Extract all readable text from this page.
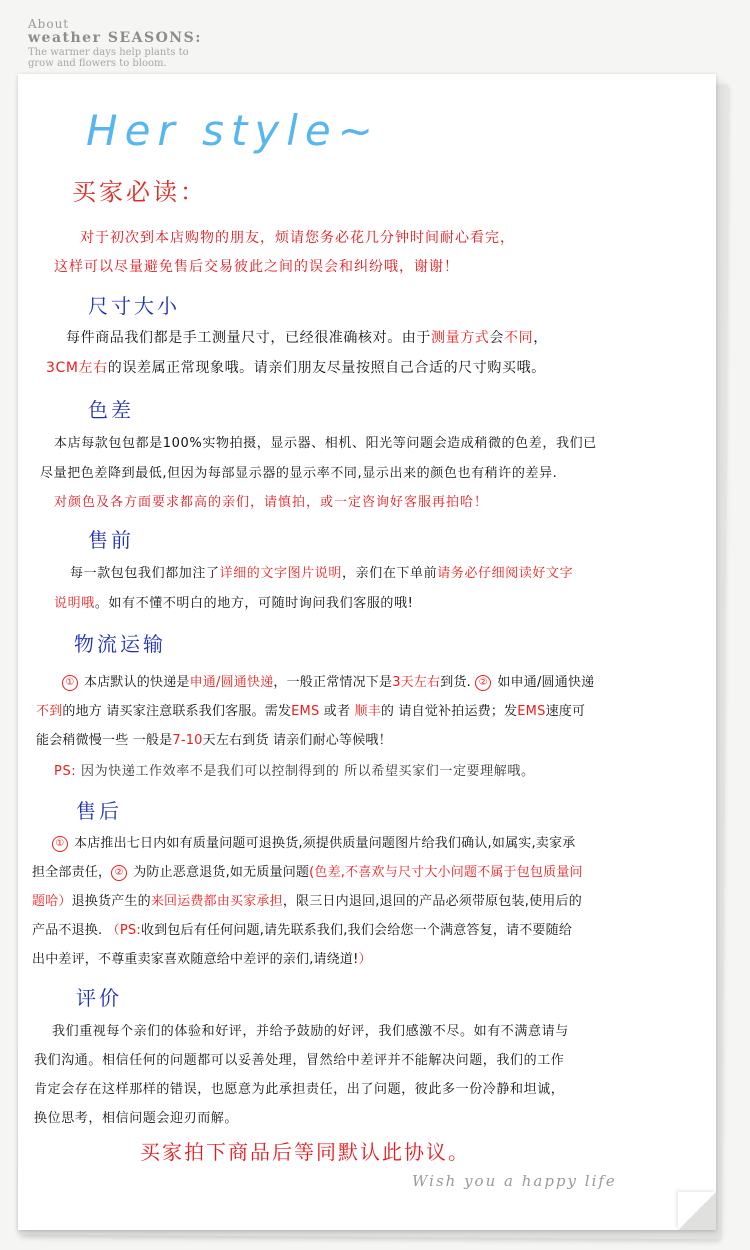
About
weather SEASONS:
The warmer days help plants to
grow and flowers to bloom.
Her style~
买家必读：
对于初次到本店购物的朋友，烦请您务必花几分钟时间耐心看完，
这样可以尽量避免售后交易彼此之间的误会和纠纷哦，谢谢！
尺寸大小
每件商品我们都是手工测量尺寸，已经很准确核对。由于测量方式会不同，
3CM左右的误差属正常现象哦。请亲们朋友尽量按照自己合适的尺寸购买哦。
色差
本店每款包包都是100%实物拍摄，显示器、相机、阳光等问题会造成稍微的色差，我们已
尽量把色差降到最低,但因为每部显示器的显示率不同,显示出来的颜色也有稍许的差异.
对颜色及各方面要求都高的亲们，请慎拍，或一定咨询好客服再拍哈！
售前
每一款包包我们都加注了详细的文字图片说明，亲们在下单前请务必仔细阅读好文字
说明哦。如有不懂不明白的地方，可随时询问我们客服的哦!
物流运输
① 本店默认的快递是申通/圆通快递，一般正常情况下是3天左右到货. ② 如申通/圆通快递
不到的地方 请买家注意联系我们客服。需发EMS 或者 顺丰的 请自觉补拍运费；发EMS速度可
能会稍微慢一些 一般是7-10天左右到货 请亲们耐心等候哦！
PS: 因为快递工作效率不是我们可以控制得到的 所以希望买家们一定要理解哦。
售后
① 本店推出七日内如有质量问题可退换货,须提供质量问题图片给我们确认,如属实,卖家承
担全部责任， ② 为防止恶意退货,如无质量问题(色差,不喜欢与尺寸大小问题不属于包包质量问
题哈）退换货产生的来回运费都由买家承担，限三日内退回,退回的产品必须带原包装,使用后的
产品不退换. （PS:收到包后有任何问题,请先联系我们,我们会给您一个满意答复，请不要随给
出中差评，不尊重卖家喜欢随意给中差评的亲们,请绕道!）
评价
我们重视每个亲们的体验和好评，并给予鼓励的好评，我们感激不尽。如有不满意请与
我们沟通。相信任何的问题都可以妥善处理，冒然给中差评并不能解决问题，我们的工作
肯定会存在这样那样的错误，也愿意为此承担责任，出了问题，彼此多一份冷静和坦诚，
换位思考，相信问题会迎刃而解。
买家拍下商品后等同默认此协议。
Wish you a happy life
